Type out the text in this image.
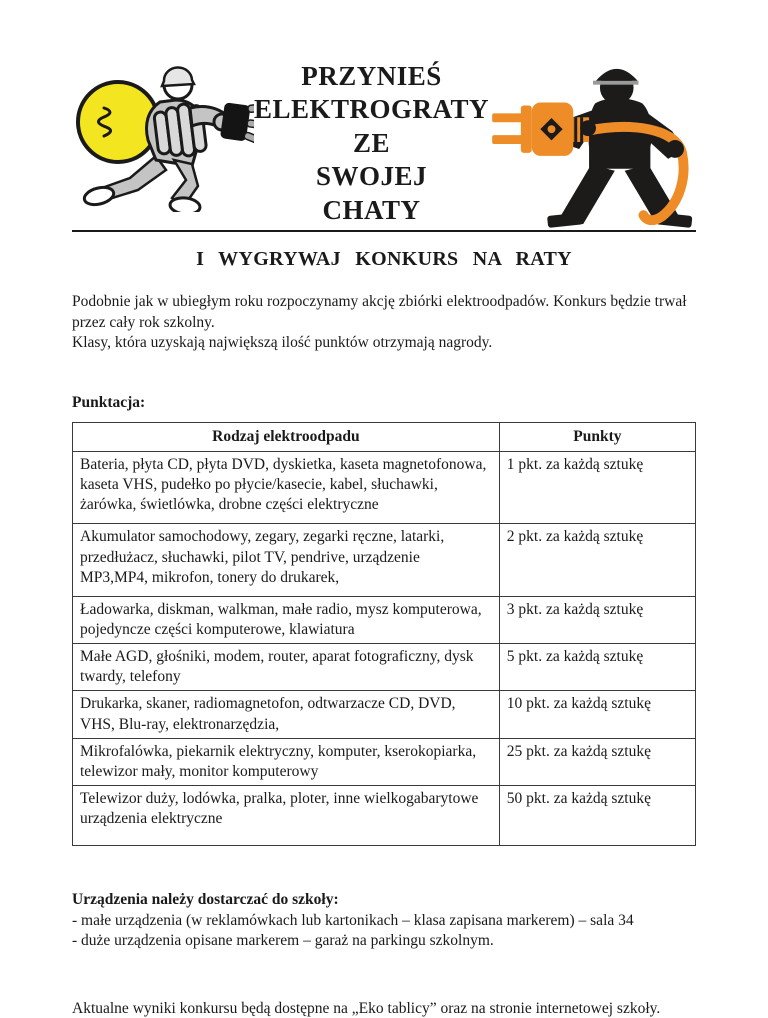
PRZYNIEŚ
ELEKTROGRATY
ZE
SWOJEJ
CHATY
I WYGRYWAJ KONKURS NA RATY

Podobnie jak w ubiegłym roku rozpoczynamy akcję zbiórki elektroodpadów. Konkurs będzie trwał przez cały rok szkolny.

Klasy, która uzyskają największą ilość punktów otrzymają nagrody.

Punktacja:

Rodzaj elektroodpadu	Punkty
Bateria, płyta CD, płyta DVD, dyskietka, kaseta magnetofonowa, kaseta VHS, pudełko po płycie/kasecie, kabel, słuchawki, żarówka, świetlówka, drobne części elektryczne	1 pkt. za każdą sztukę
Akumulator samochodowy, zegary, zegarki ręczne, latarki, przedłużacz, słuchawki, pilot TV, pendrive, urządzenie MP3,MP4, mikrofon, tonery do drukarek,	2 pkt. za każdą sztukę
Ładowarka, diskman, walkman, małe radio, mysz komputerowa, pojedyncze części komputerowe, klawiatura	3 pkt. za każdą sztukę
Małe AGD, głośniki, modem, router, aparat fotograficzny, dysk twardy, telefony	5 pkt. za każdą sztukę
Drukarka, skaner, radiomagnetofon, odtwarzacze CD, DVD, VHS, Blu-ray, elektronarzędzia,	10 pkt. za każdą sztukę
Mikrofalówka, piekarnik elektryczny, komputer, kserokopiarka, telewizor mały, monitor komputerowy	25 pkt. za każdą sztukę
Telewizor duży, lodówka, pralka, ploter, inne wielkogabarytowe urządzenia elektryczne	50 pkt. za każdą sztukę

Urządzenia należy dostarczać do szkoły:

- małe urządzenia (w reklamówkach lub kartonikach – klasa zapisana markerem) – sala 34

- duże urządzenia opisane markerem – garaż na parkingu szkolnym.

Aktualne wyniki konkursu będą dostępne na „Eko tablicy” oraz na stronie internetowej szkoły.
